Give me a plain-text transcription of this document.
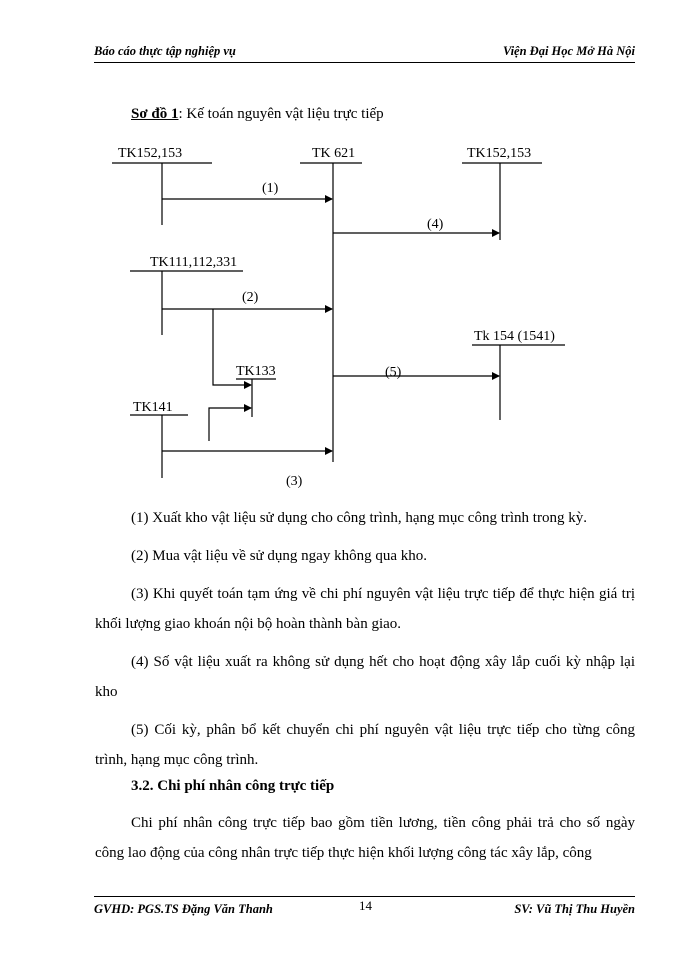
Báo cáo thực tập nghiệp vụ	Viện Đại Học Mở Hà Nội
Sơ đồ 1: Kế toán nguyên vật liệu trực tiếp
TK152,153	TK 621	TK152,153
TK111,112,331
Tk 154 (1541)
TK133
TK141
(1)
(4)
(2)
(5)
(3)

(1) Xuất kho vật liệu sử dụng cho công trình, hạng mục công trình trong kỳ.

(2) Mua vật liệu về sử dụng ngay không qua kho.

(3) Khi quyết toán tạm ứng về chi phí nguyên vật liệu trực tiếp để thực hiện giá trị khối lượng giao khoán nội bộ hoàn thành bàn giao.

(4) Số vật liệu xuất ra không sử dụng hết cho hoạt động xây lắp cuối kỳ nhập lại kho

(5) Cối kỳ, phân bổ kết chuyển chi phí nguyên vật liệu trực tiếp cho từng công trình, hạng mục công trình.

3.2. Chi phí nhân công trực tiếp

Chi phí nhân công trực tiếp bao gồm tiền lương, tiền công phải trả cho số ngày công lao động của công nhân trực tiếp thực hiện khối lượng công tác xây lắp, công

GVHD: PGS.TS Đặng Văn Thanh	14	SV: Vũ Thị Thu Huyền
